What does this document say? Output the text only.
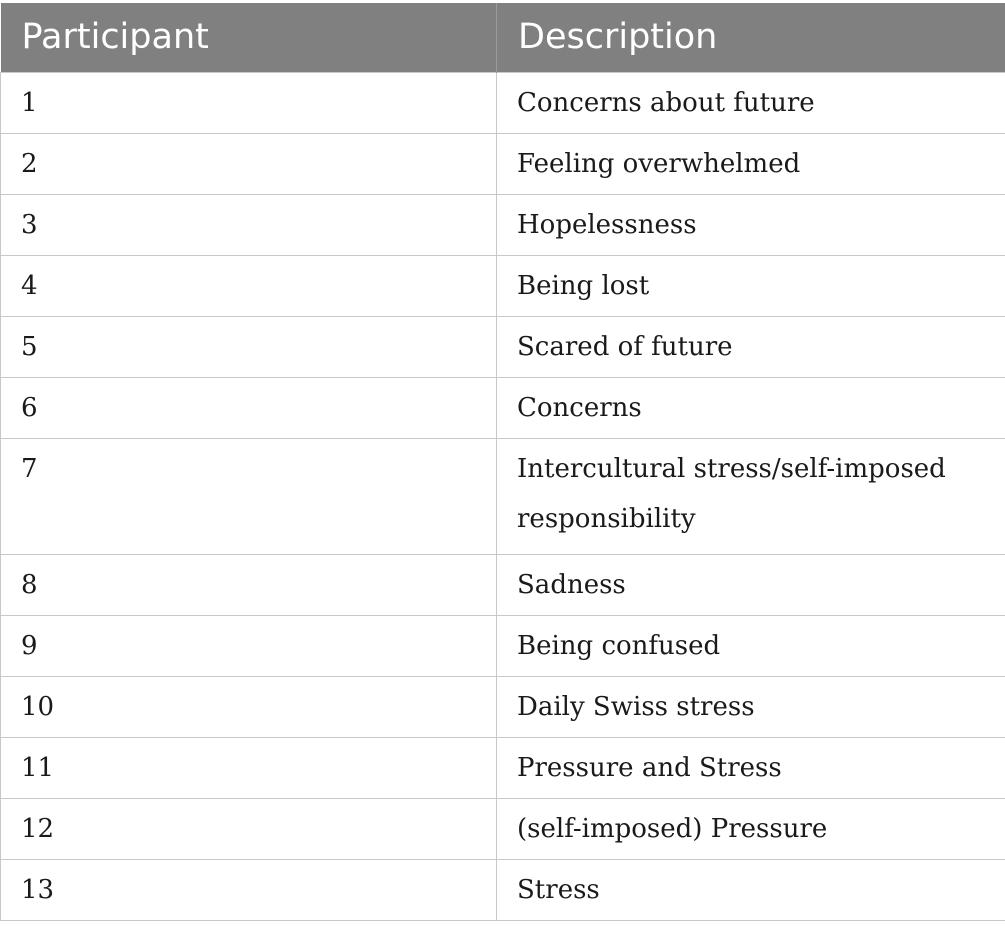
Participant	Description
1	Concerns about future
2	Feeling overwhelmed
3	Hopelessness
4	Being lost
5	Scared of future
6	Concerns
7	Intercultural stress/self-imposed responsibility
8	Sadness
9	Being confused
10	Daily Swiss stress
11	Pressure and Stress
12	(self-imposed) Pressure
13	Stress
